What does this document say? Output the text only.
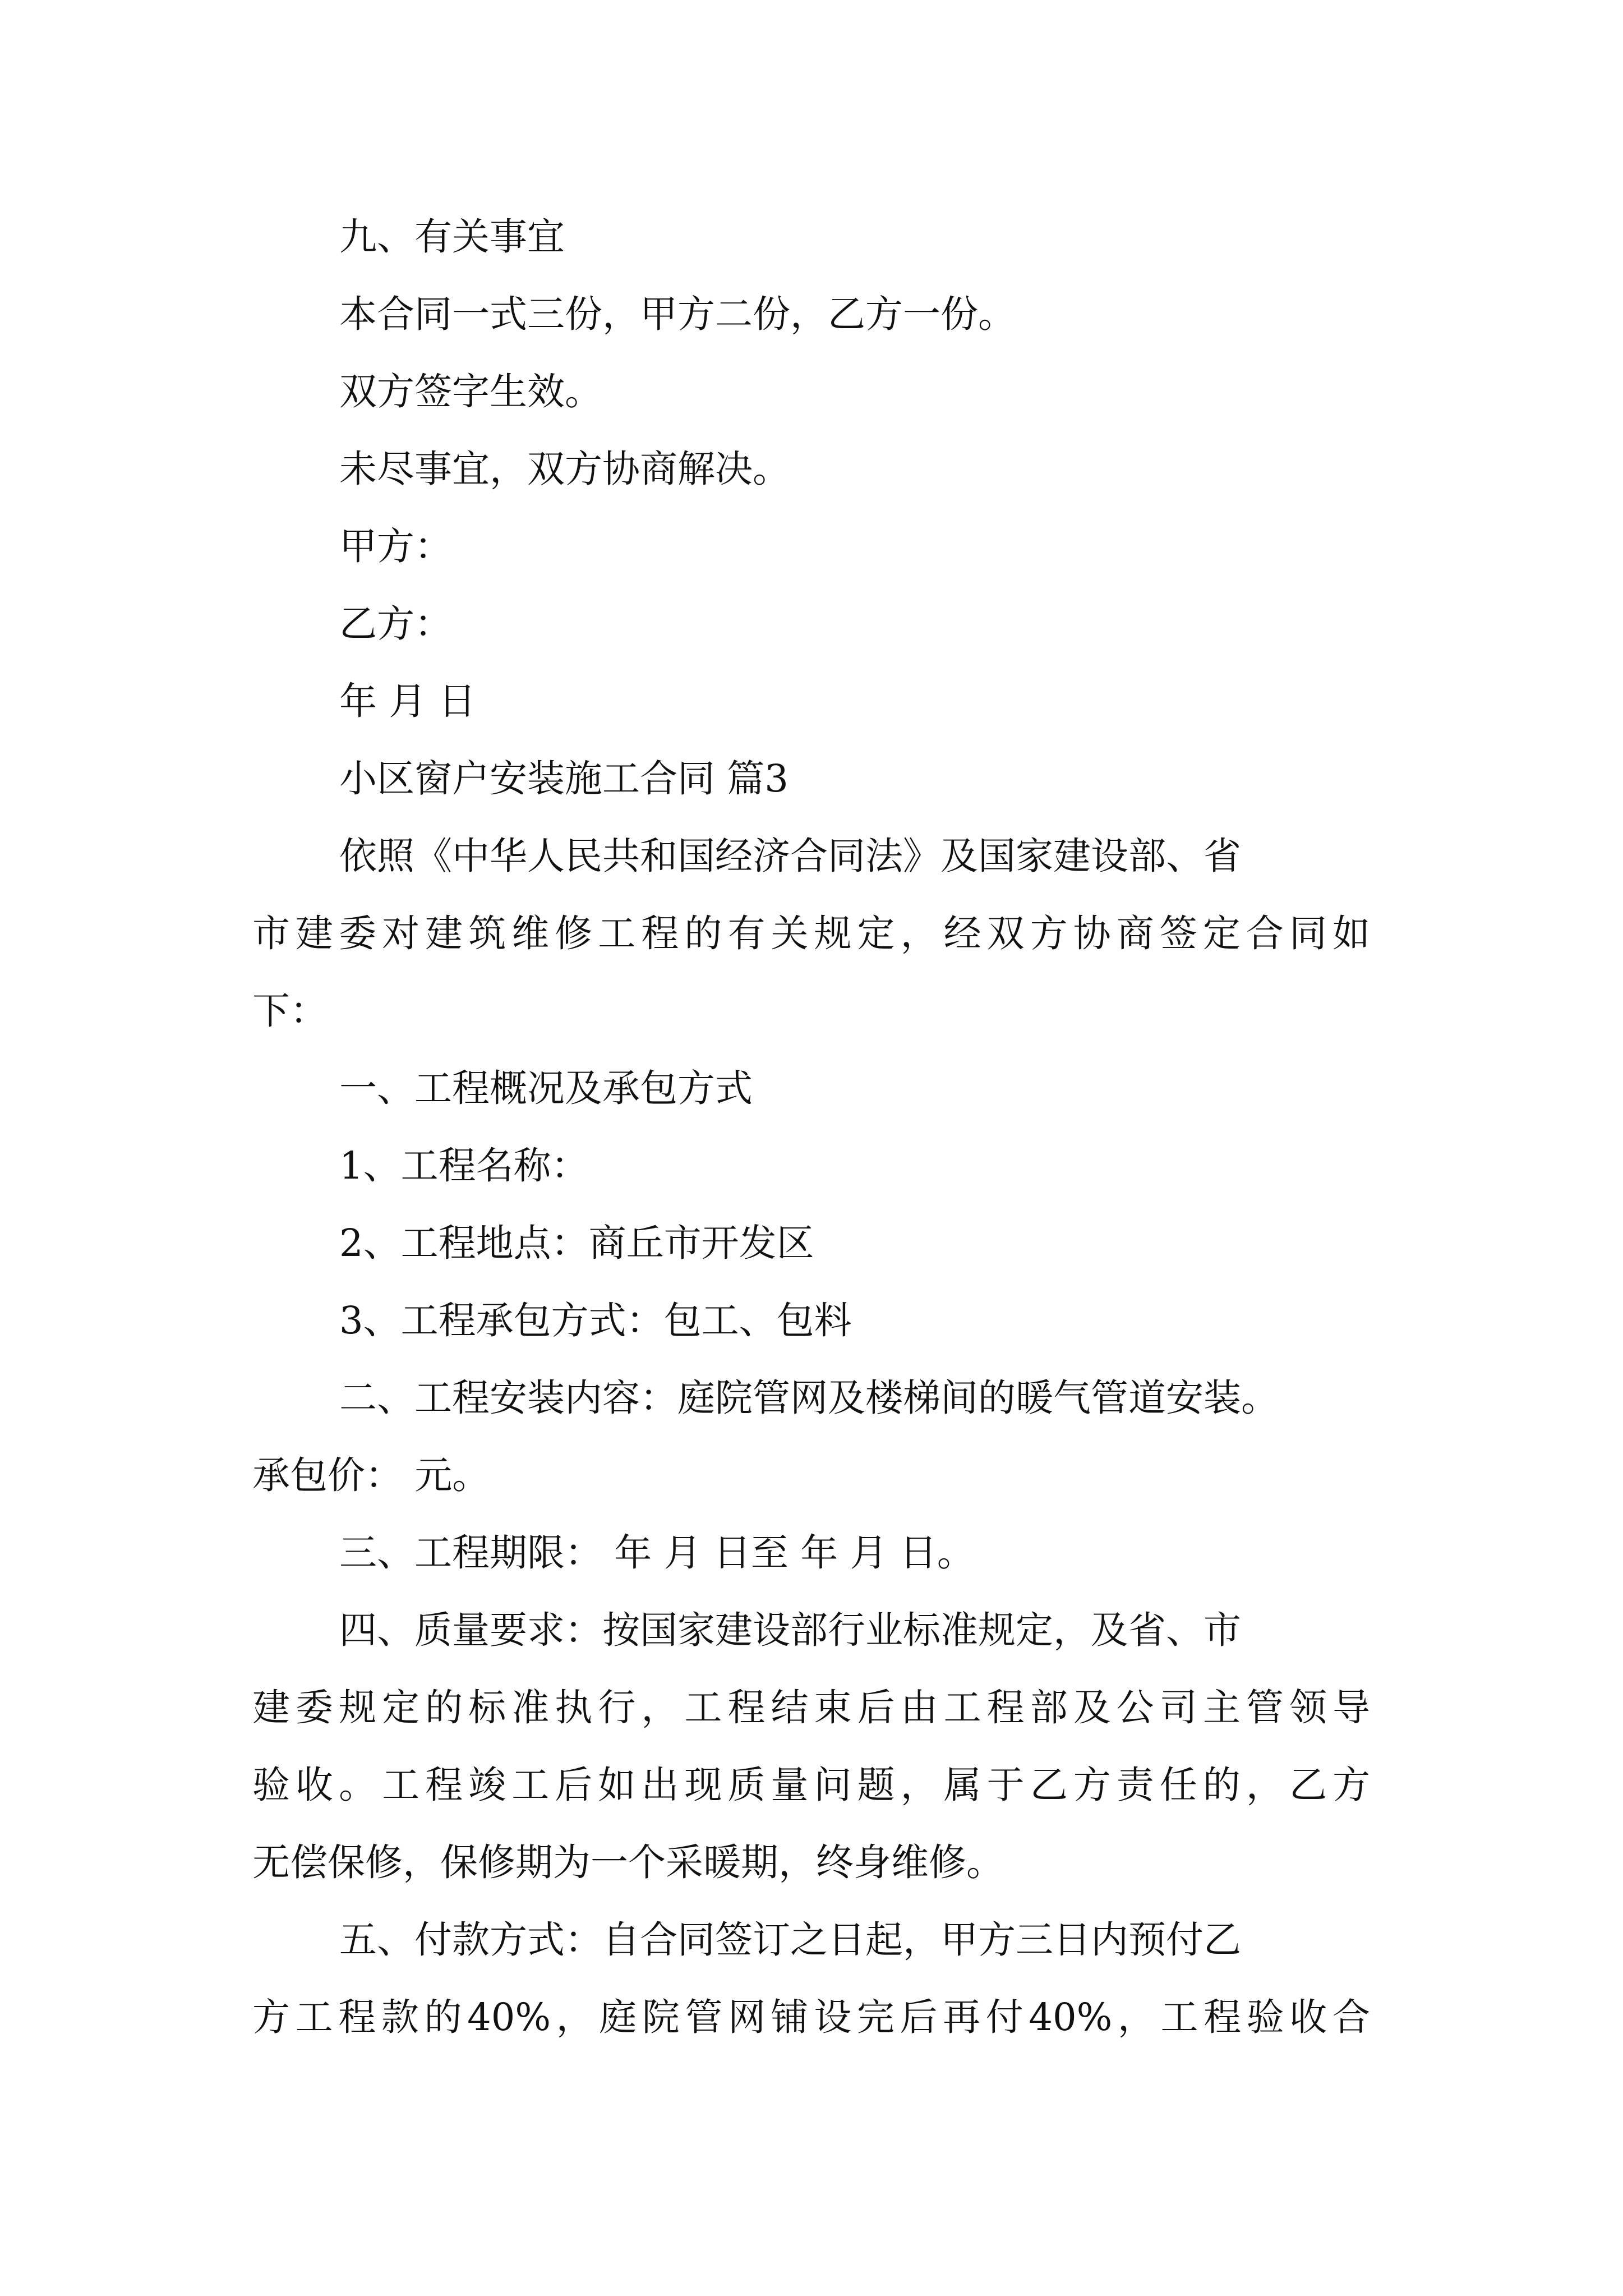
九、有关事宜

本合同一式三份，甲方二份，乙方一份。

双方签字生效。

未尽事宜，双方协商解决。

甲方：

乙方：

年 月 日

小区窗户安装施工合同 篇3

依照《中华人民共和国经济合同法》及国家建设部、省

市建委对建筑维修工程的有关规定，经双方协商签定合同如

下：

一、工程概况及承包方式

1、工程名称：

2、工程地点：商丘市开发区

3、工程承包方式：包工、包料

二、工程安装内容：庭院管网及楼梯间的暖气管道安装。

承包价： 元。

三、工程期限： 年 月 日至 年 月 日。

四、质量要求：按国家建设部行业标准规定，及省、市

建委规定的标准执行，工程结束后由工程部及公司主管领导

验收。工程竣工后如出现质量问题，属于乙方责任的，乙方

无偿保修，保修期为一个采暖期，终身维修。

五、付款方式：自合同签订之日起，甲方三日内预付乙

方工程款的40%，庭院管网铺设完后再付40%，工程验收合
